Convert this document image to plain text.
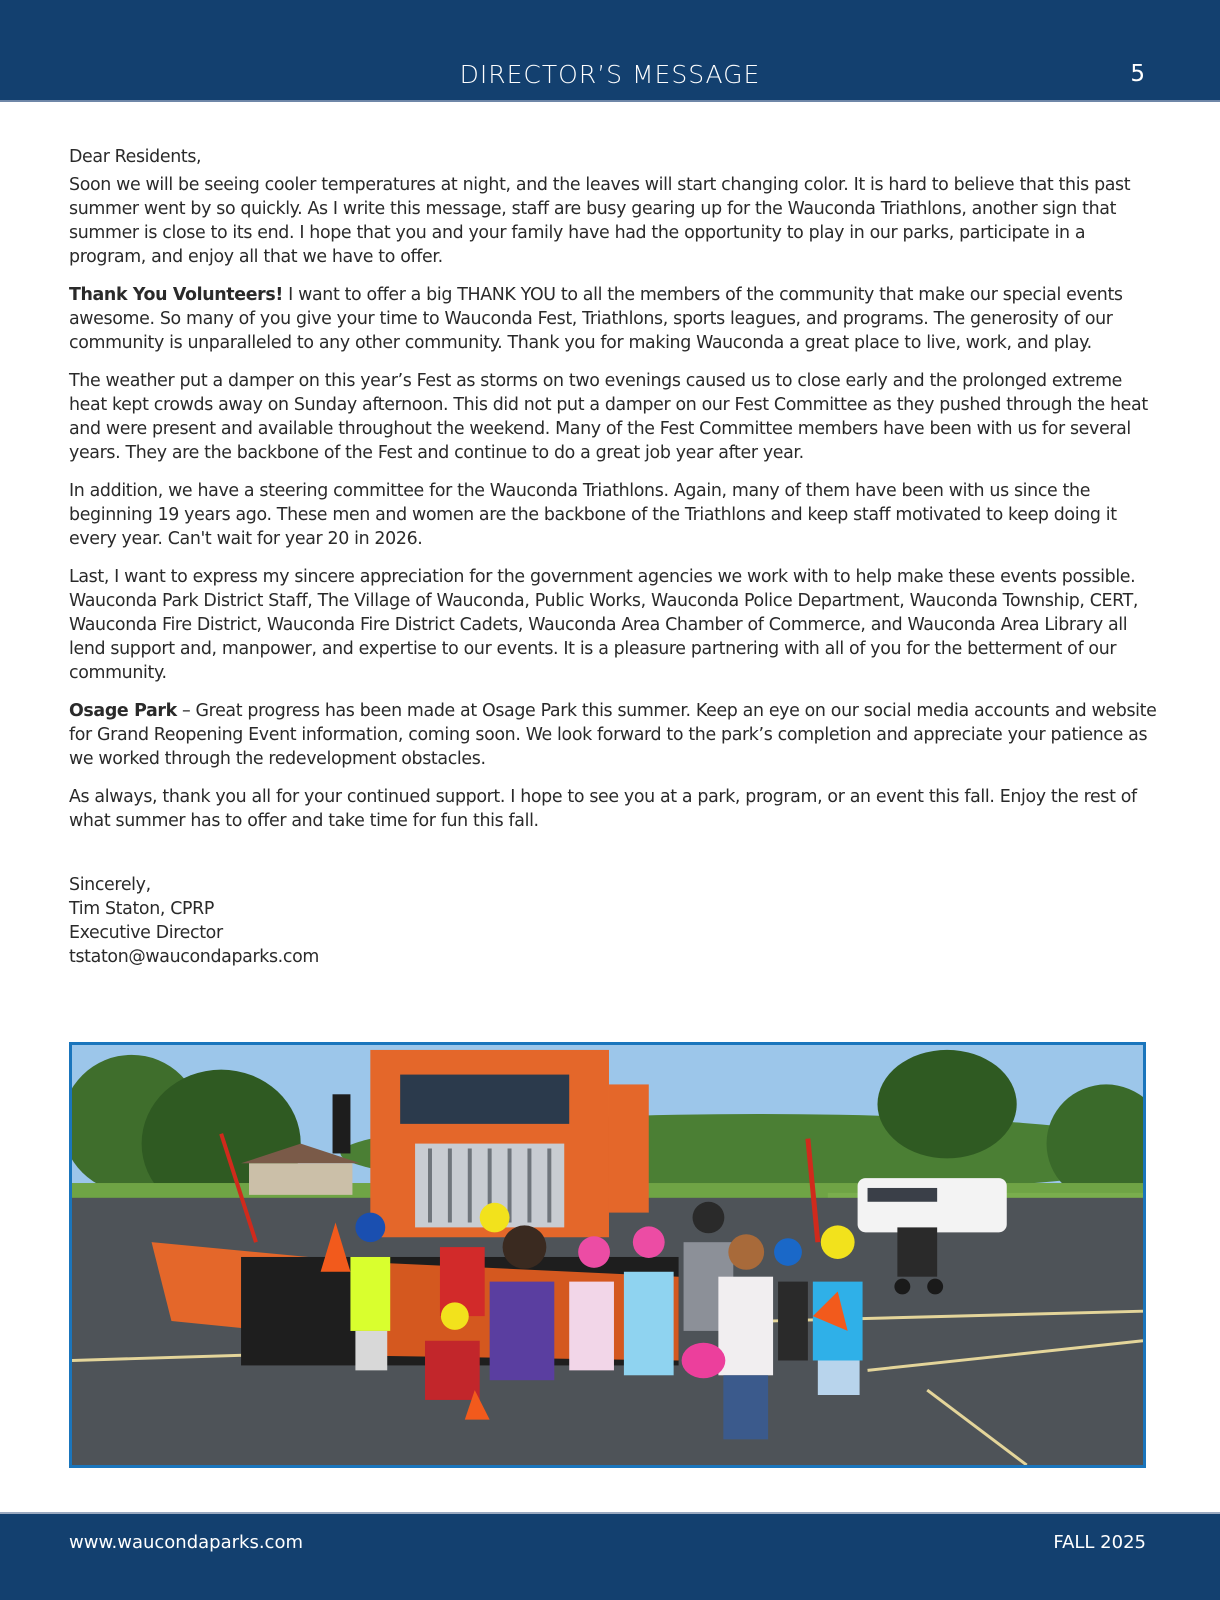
DIRECTOR’S MESSAGE	5

Dear Residents,

Soon we will be seeing cooler temperatures at night, and the leaves will start changing color. It is hard to believe that this past summer went by so quickly. As I write this message, staff are busy gearing up for the Wauconda Triathlons, another sign that summer is close to its end. I hope that you and your family have had the opportunity to play in our parks, participate in a program, and enjoy all that we have to offer.

Thank You Volunteers! I want to offer a big THANK YOU to all the members of the community that make our special events awesome. So many of you give your time to Wauconda Fest, Triathlons, sports leagues, and programs. The generosity of our community is unparalleled to any other community. Thank you for making Wauconda a great place to live, work, and play.

The weather put a damper on this year’s Fest as storms on two evenings caused us to close early and the prolonged extreme heat kept crowds away on Sunday afternoon. This did not put a damper on our Fest Committee as they pushed through the heat and were present and available throughout the weekend. Many of the Fest Committee members have been with us for several years. They are the backbone of the Fest and continue to do a great job year after year.

In addition, we have a steering committee for the Wauconda Triathlons. Again, many of them have been with us since the beginning 19 years ago. These men and women are the backbone of the Triathlons and keep staff motivated to keep doing it every year. Can't wait for year 20 in 2026.

Last, I want to express my sincere appreciation for the government agencies we work with to help make these events possible. Wauconda Park District Staff, The Village of Wauconda, Public Works, Wauconda Police Department, Wauconda Township, CERT, Wauconda Fire District, Wauconda Fire District Cadets, Wauconda Area Chamber of Commerce, and Wauconda Area Library all lend support and, manpower, and expertise to our events. It is a pleasure partnering with all of you for the betterment of our community.

Osage Park – Great progress has been made at Osage Park this summer. Keep an eye on our social media accounts and website for Grand Reopening Event information, coming soon. We look forward to the park’s completion and appreciate your patience as we worked through the redevelopment obstacles.

As always, thank you all for your continued support. I hope to see you at a park, program, or an event this fall. Enjoy the rest of what summer has to offer and take time for fun this fall.

Sincerely,
Tim Staton, CPRP
Executive Director
tstaton@waucondaparks.com
www.waucondaparks.com	FALL 2025
